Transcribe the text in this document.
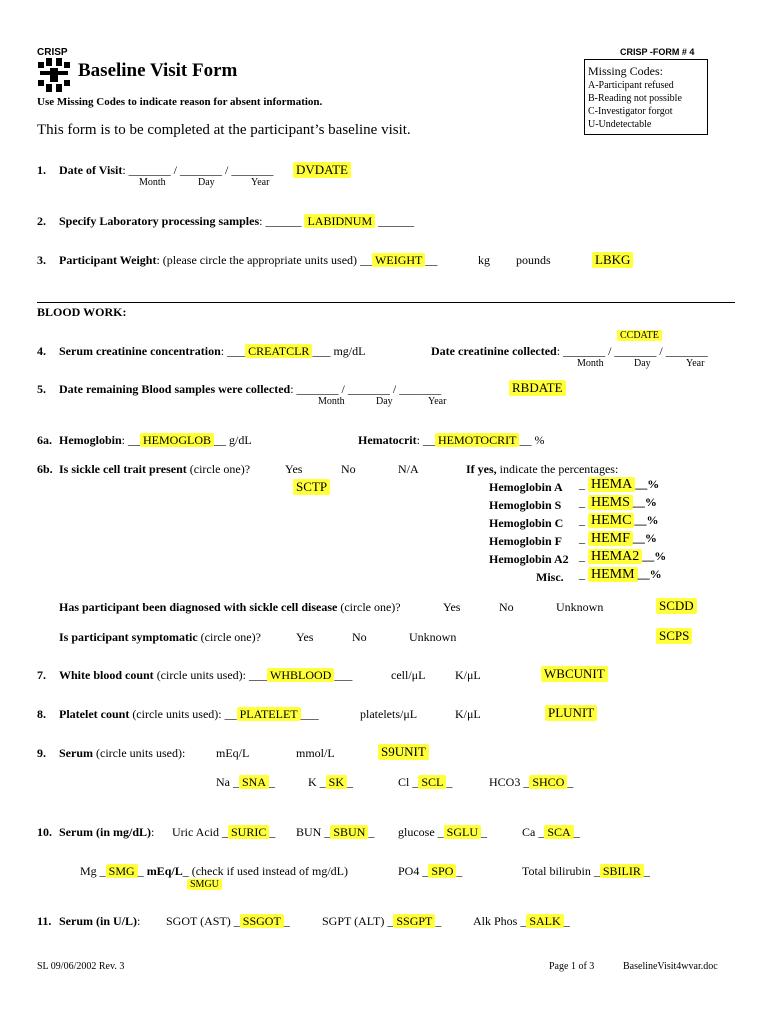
CRISP
Baseline Visit Form
CRISP -FORM # 4
Use Missing Codes to indicate reason for absent information.
This form is to be completed at the participant’s baseline visit.
Missing Codes:
A-Participant refused
B-Reading not possible
C-Investigator forgot
U-Undetectable
1. Date of Visit: _______ / _______ / _______ DVDATE
Month	Day	Year
2. Specify Laboratory processing samples: ______ LABIDNUM ______
3. Participant Weight: (please circle the appropriate units used) __ WEIGHT __	kg pounds	LBKG
BLOOD WORK:
CCDATE
4. Serum creatinine concentration: ___ CREATCLR ___ mg/dL	Date creatinine collected: _______ / _______ / _______
Month	Day	Year
5. Date remaining Blood samples were collected: _______ / _______ / _______	RBDATE
Month	Day	Year
6a. Hemoglobin: __ HEMOGLOB __ g/dL	Hematocrit: __ HEMOTOCRIT __ %
6b. Is sickle cell trait present (circle one)?	Yes	No	N/A
SCTP
If yes, indicate the percentages:
Hemoglobin A _ HEMA __%
Hemoglobin S _ HEMS __%
Hemoglobin C _ HEMC __%
Hemoglobin F _ HEMF __%
Hemoglobin A2 _ HEMA2 __%
Misc. _ HEMM __%
Has participant been diagnosed with sickle cell disease (circle one)?	Yes	No	Unknown	SCDD
Is participant symptomatic (circle one)?	Yes	No	Unknown	SCPS
7. White blood count (circle units used): ___ WHBLOOD ___	cell/μL K/μL	WBCUNIT
8. Platelet count (circle units used): __ PLATELET ___	platelets/μL	K/μL	PLUNIT
9. Serum (circle units used):	mEq/L	mmol/L	S9UNIT
Na _ SNA _	K _ SK _	Cl _ SCL _	HCO3 _ SHCO _
10. Serum (in mg/dL): Uric Acid _ SURIC _ BUN _ SBUN _ glucose _ SGLU _	Ca _ SCA _
Mg _ SMG _ mEq/L_ (check if used instead of mg/dL)
SMGU
PO4 _ SPO _	Total bilirubin _ SBILIR _
11. Serum (in U/L): SGOT (AST) _ SSGOT _	SGPT (ALT) _ SSGPT _	Alk Phos _ SALK _
SL 09/06/2002 Rev. 3	Page 1 of 3	BaselineVisit4wvar.doc
